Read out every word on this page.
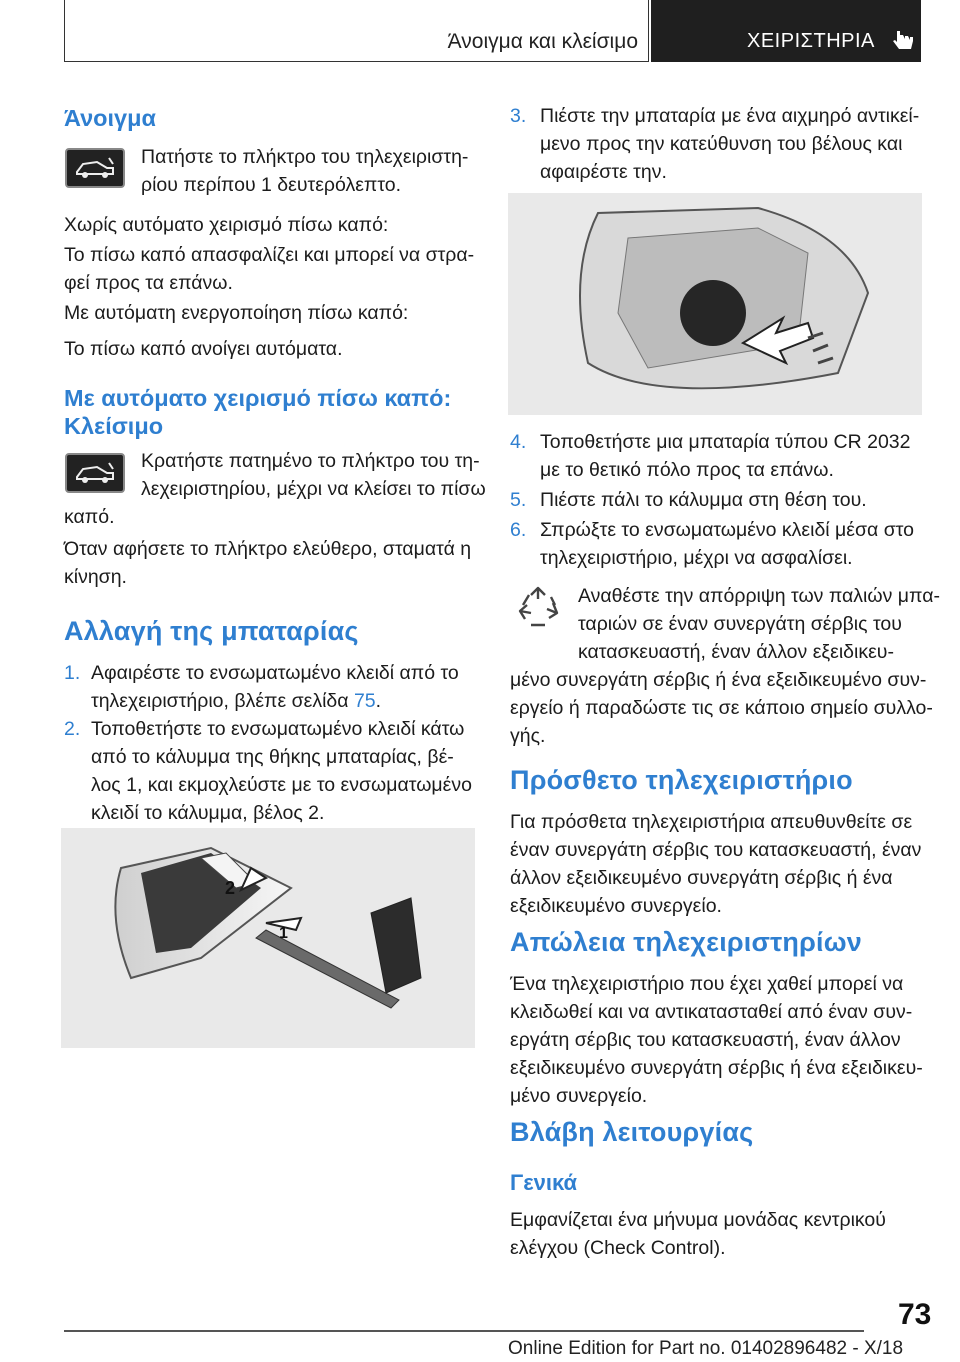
Άνοιγμα και κλείσιμο	ΧΕΙΡΙΣΤΗΡΙΑ
Άνοιγμα
Πατήστε το πλήκτρο του τηλεχειριστη-
ρίου περίπου 1 δευτερόλεπτο.
Χωρίς αυτόματο χειρισμό πίσω καπό:
Το πίσω καπό απασφαλίζει και μπορεί να στρα-
φεί προς τα επάνω.
Με αυτόματη ενεργοποίηση πίσω καπό:
Το πίσω καπό ανοίγει αυτόματα.
Με αυτόματο χειρισμό πίσω καπό:
Κλείσιμο
Κρατήστε πατημένο το πλήκτρο του τη-
λεχειριστηρίου, μέχρι να κλείσει το πίσω
καπό.
Όταν αφήσετε το πλήκτρο ελεύθερο, σταματά η
κίνηση.
Αλλαγή της μπαταρίας
1. Αφαιρέστε το ενσωματωμένο κλειδί από το
τηλεχειριστήριο, βλέπε σελίδα 75.
2. Τοποθετήστε το ενσωματωμένο κλειδί κάτω
από το κάλυμμα της θήκης μπαταρίας, βέ-
λος 1, και εκμοχλεύστε με το ενσωματωμένο
κλειδί το κάλυμμα, βέλος 2.
1
2
3. Πιέστε την μπαταρία με ένα αιχμηρό αντικεί-
μενο προς την κατεύθυνση του βέλους και
αφαιρέστε την.
4. Τοποθετήστε μια μπαταρία τύπου CR 2032
με το θετικό πόλο προς τα επάνω.
5. Πιέστε πάλι το κάλυμμα στη θέση του.
6. Σπρώξτε το ενσωματωμένο κλειδί μέσα στο
τηλεχειριστήριο, μέχρι να ασφαλίσει.
Αναθέστε την απόρριψη των παλιών μπα-
ταριών σε έναν συνεργάτη σέρβις του
κατασκευαστή, έναν άλλον εξειδικευ-
μένο συνεργάτη σέρβις ή ένα εξειδικευμένο συν-
εργείο ή παραδώστε τις σε κάποιο σημείο συλλο-
γής.
Πρόσθετο τηλεχειριστήριο
Για πρόσθετα τηλεχειριστήρια απευθυνθείτε σε
έναν συνεργάτη σέρβις του κατασκευαστή, έναν
άλλον εξειδικευμένο συνεργάτη σέρβις ή ένα
εξειδικευμένο συνεργείο.
Απώλεια τηλεχειριστηρίων
Ένα τηλεχειριστήριο που έχει χαθεί μπορεί να
κλειδωθεί και να αντικατασταθεί από έναν συν-
εργάτη σέρβις του κατασκευαστή, έναν άλλον
εξειδικευμένο συνεργάτη σέρβις ή ένα εξειδικευ-
μένο συνεργείο.
Βλάβη λειτουργίας
Γενικά
Εμφανίζεται ένα μήνυμα μονάδας κεντρικού
ελέγχου (Check Control).
73
Online Edition for Part no. 01402896482 - X/18
